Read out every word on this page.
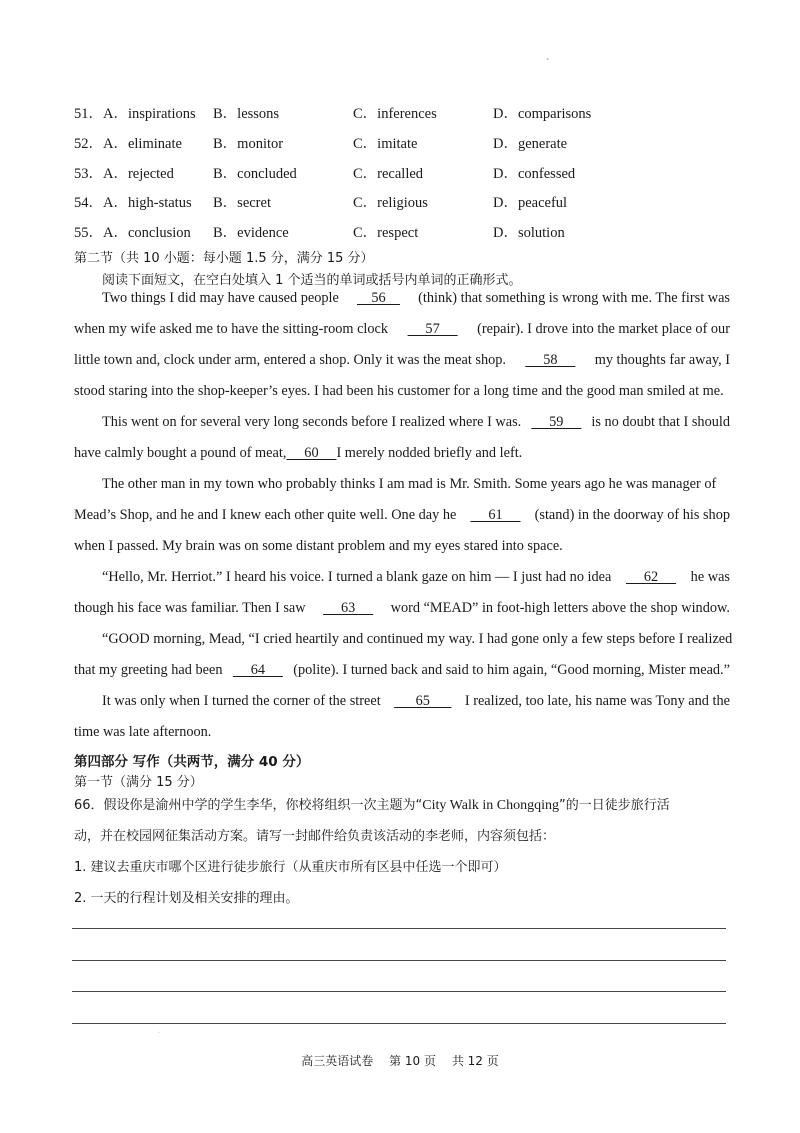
ˋ
51．A．inspirations	B．lessons	C．inferences	D．comparisons
52．A．eliminate	B．monitor	C．imitate	D．generate
53．A．rejected	B．concluded	C．recalled	D．confessed
54．A．high-status	B．secret	C．religious	D．peaceful
55．A．conclusion	B．evidence	C．respect	D．solution
第二节（共 10 小题：每小题 1.5 分，满分 15 分）
阅读下面短文，在空白处填入 1 个适当的单词或括号内单词的正确形式。
Two things I did may have caused people 56 (think) that something is wrong with me. The first was
when my wife asked me to have the sitting-room clock 57 (repair). I drove into the market place of our
little town and, clock under arm, entered a shop. Only it was the meat shop. 58 my thoughts far away, I
stood staring into the shop-keeper’s eyes. I had been his customer for a long time and the good man smiled at me.
This went on for several very long seconds before I realized where I was. 59 is no doubt that I should
have calmly bought a pound of meat, 60 I merely nodded briefly and left.
The other man in my town who probably thinks I am mad is Mr. Smith. Some years ago he was manager of
Mead’s Shop, and he and I knew each other quite well. One day he 61 (stand) in the doorway of his shop
when I passed. My brain was on some distant problem and my eyes stared into space.
“Hello, Mr. Herriot.” I heard his voice. I turned a blank gaze on him — I just had no idea 62 he was
though his face was familiar. Then I saw 63 word “MEAD” in foot-high letters above the shop window.
“GOOD morning, Mead, “I cried heartily and continued my way. I had gone only a few steps before I realized
that my greeting had been 64 (polite). I turned back and said to him again, “Good morning, Mister mead.”
It was only when I turned the corner of the street 65 I realized, too late, his name was Tony and the
time was late afternoon.
第四部分 写作（共两节，满分 40 分）
第一节（满分 15 分）
66．假设你是渝州中学的学生李华，你校将组织一次主题为“City Walk in Chongqing”的一日徒步旅行活
动，并在校园网征集活动方案。请写一封邮件给负责该活动的李老师，内容须包括：
1. 建议去重庆市哪个区进行徒步旅行（从重庆市所有区县中任选一个即可）
2. 一天的行程计划及相关安排的理由。
·
高三英语试卷 第 10 页 共 12 页
